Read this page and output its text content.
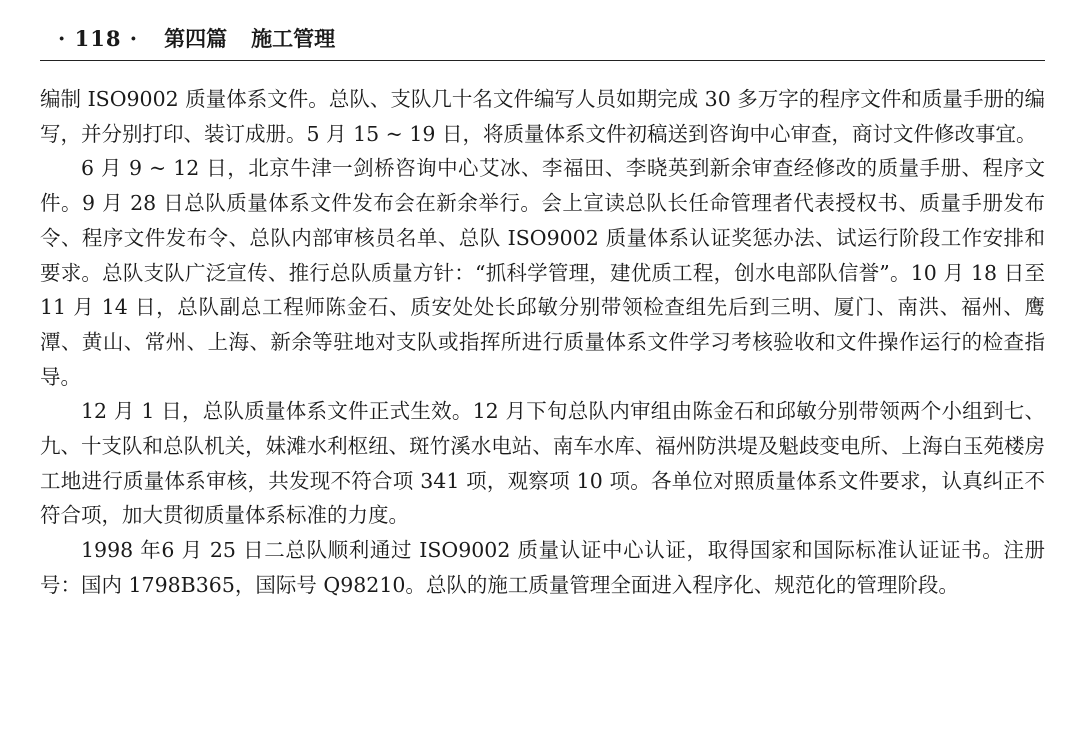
· 118 · 第四篇 施工管理

编制 ISO9002 质量体系文件。总队、支队几十名文件编写人员如期完成 30 多万字的程序文件和质量手册的编写，并分别打印、装订成册。5 月 15 ~ 19 日，将质量体系文件初稿送到咨询中心审查，商讨文件修改事宜。

6 月 9 ~ 12 日，北京牛津一剑桥咨询中心艾冰、李福田、李晓英到新余审查经修改的质量手册、程序文件。9 月 28 日总队质量体系文件发布会在新余举行。会上宣读总队长任命管理者代表授权书、质量手册发布令、程序文件发布令、总队内部审核员名单、总队 ISO9002 质量体系认证奖惩办法、试运行阶段工作安排和要求。总队支队广泛宣传、推行总队质量方针：“抓科学管理，建优质工程，创水电部队信誉”。10 月 18 日至 11 月 14 日，总队副总工程师陈金石、质安处处长邱敏分别带领检查组先后到三明、厦门、南洪、福州、鹰潭、黄山、常州、上海、新余等驻地对支队或指挥所进行质量体系文件学习考核验收和文件操作运行的检查指导。

12 月 1 日，总队质量体系文件正式生效。12 月下旬总队内审组由陈金石和邱敏分别带领两个小组到七、九、十支队和总队机关，妹滩水利枢纽、斑竹溪水电站、南车水库、福州防洪堤及魁歧变电所、上海白玉苑楼房工地进行质量体系审核，共发现不符合项 341 项，观察项 10 项。各单位对照质量体系文件要求，认真纠正不符合项，加大贯彻质量体系标准的力度。

1998 年6 月 25 日二总队顺利通过 ISO9002 质量认证中心认证，取得国家和国际标准认证证书。注册号：国内 1798B365，国际号 Q98210。总队的施工质量管理全面进入程序化、规范化的管理阶段。
